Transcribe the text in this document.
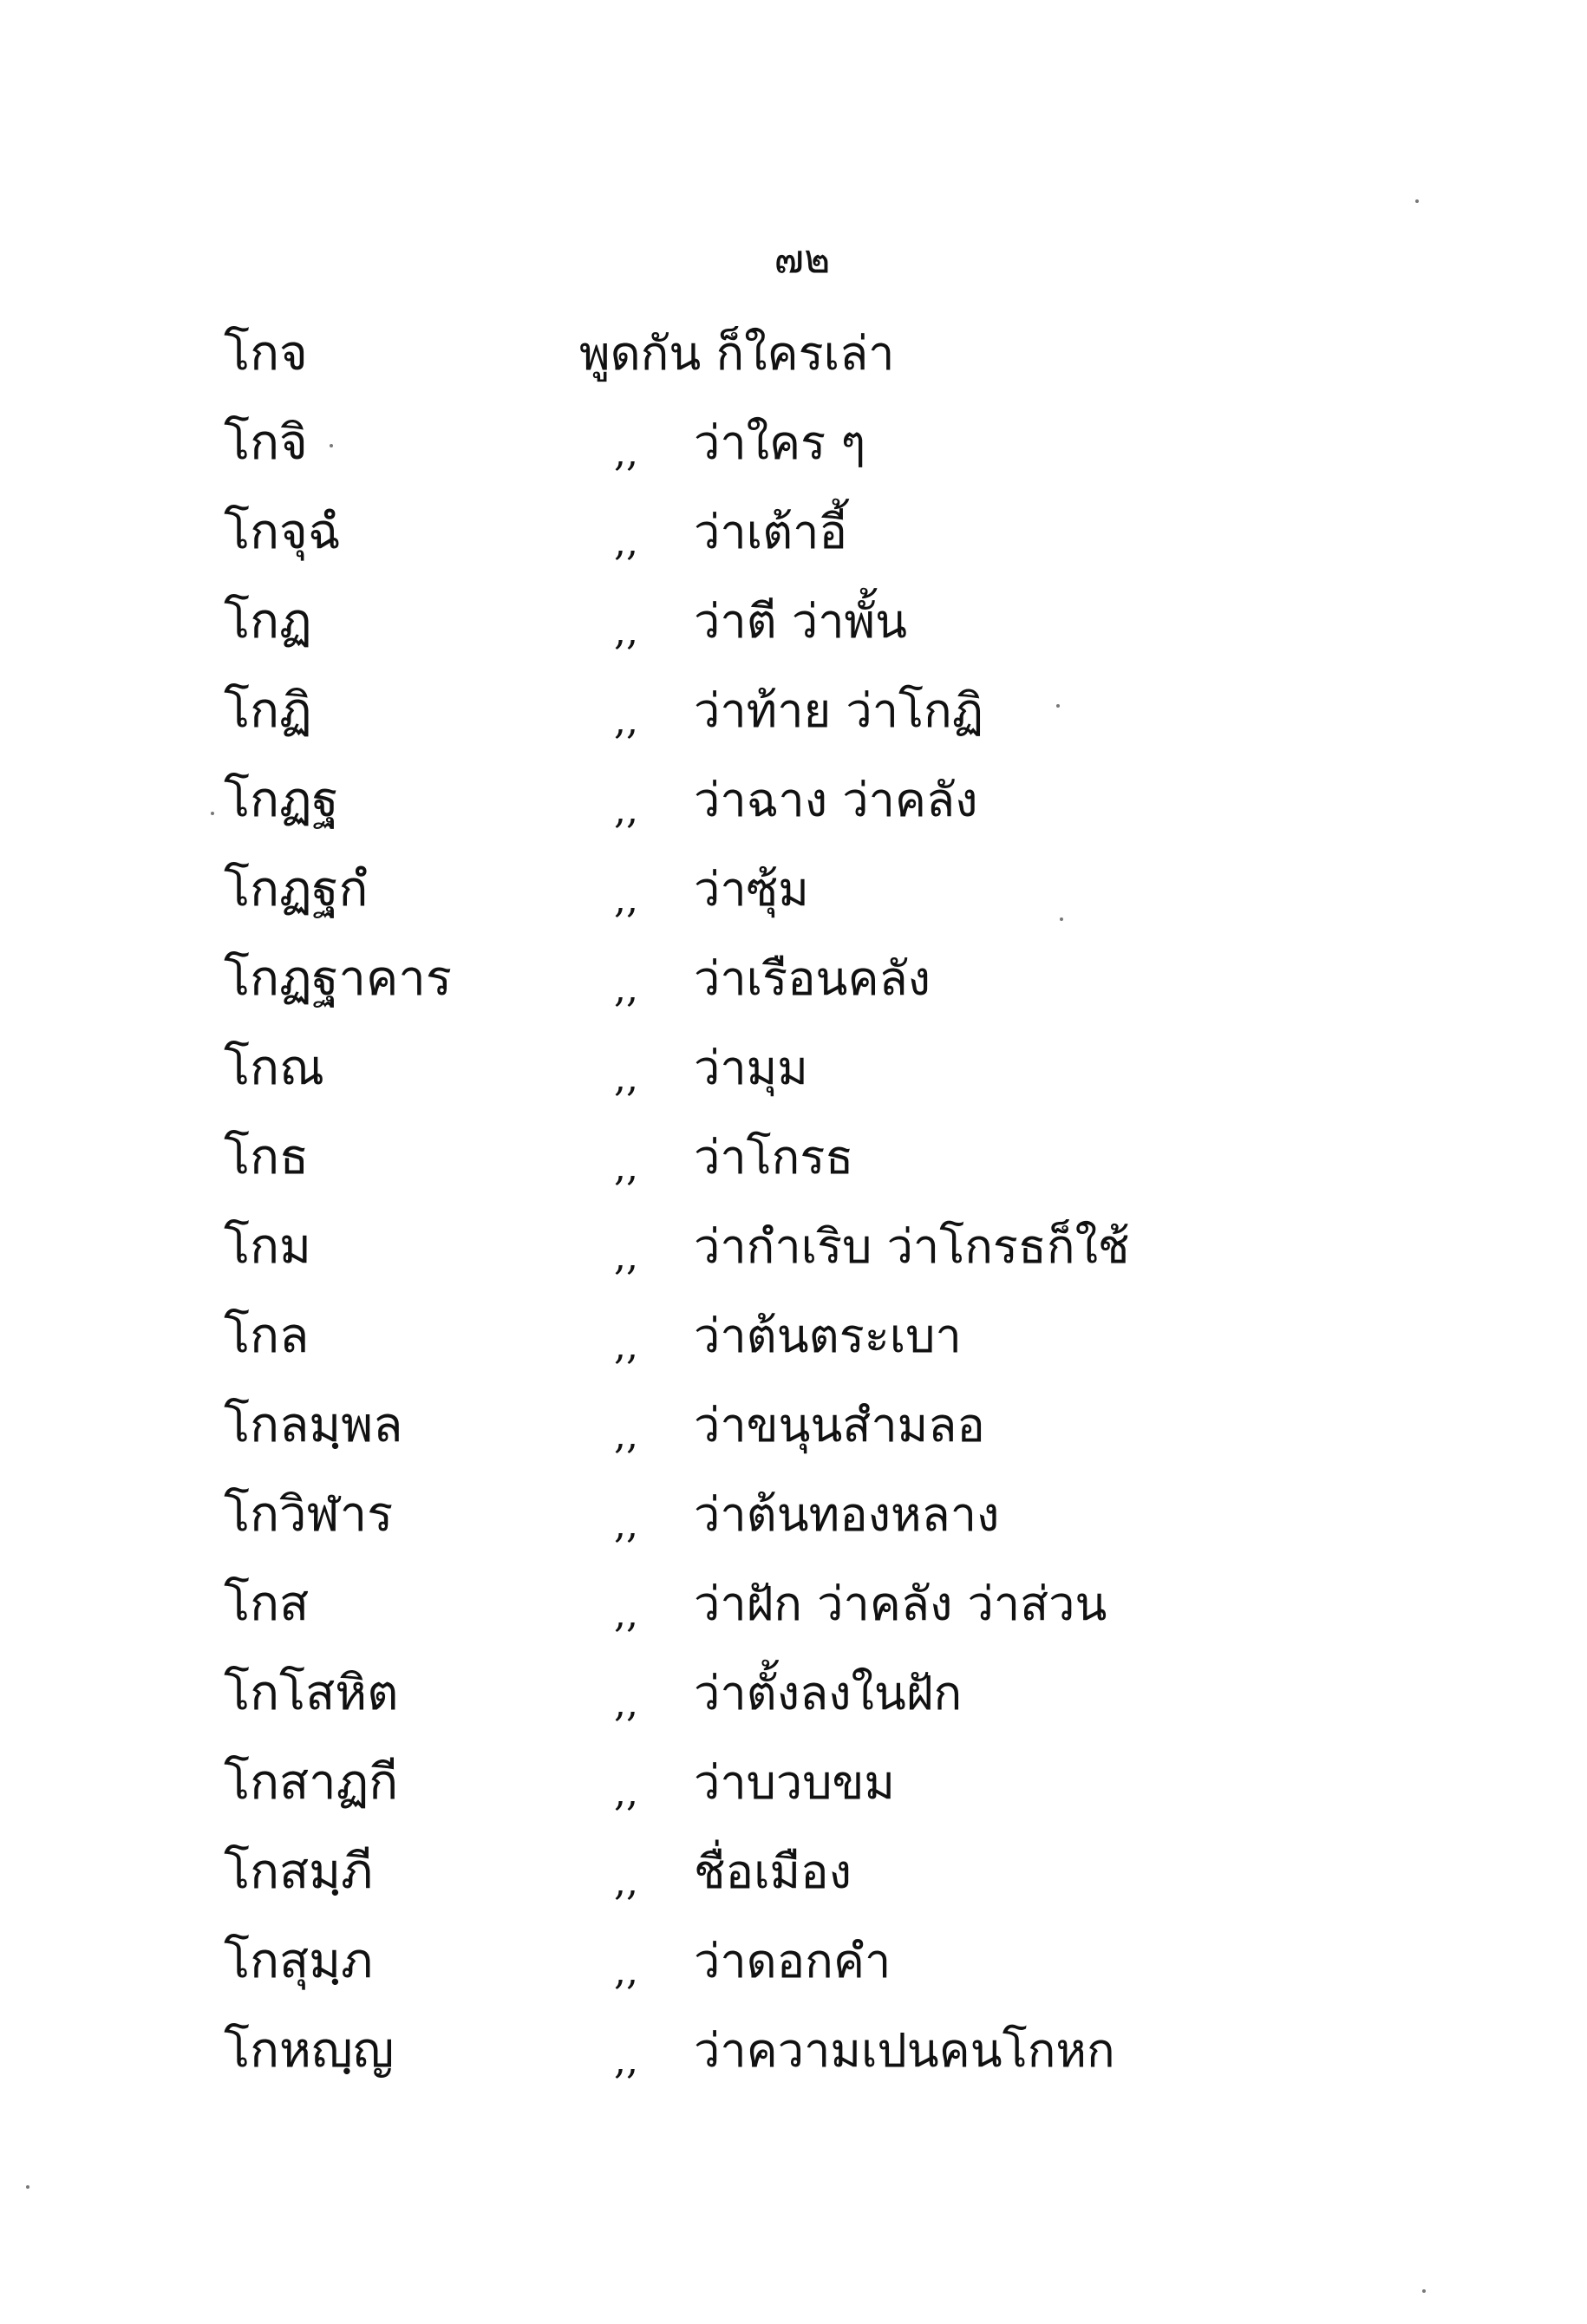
๗๒
โกจ	พูดกัน ก็ใครเล่า
โกจิ	,, ว่าใคร ๆ
โกจุฉํ	,, ว่าเต้าอี้
โกฏ	,, ว่าตี ว่าพั้น
โกฏิ	,, ว่าท้าย ว่าโกฏิ
โกฏฐ	,, ว่าฉาง ว่าคลัง
โกฏฐกํ	,, ว่าซุ้ม
โกฏฐาคาร	,, ว่าเรือนคลัง
โกณ	,, ว่ามุม
โกธ	,, ว่าโกรธ
โกม	,, ว่ากำเริบ ว่าโกรธก็ใช้
โกล	,, ว่าต้นตระเบา
โกลมฺพล	,, ว่าขนุนสำมลอ
โกวิฬาร	,, ว่าต้นทองหลาง
โกส	,, ว่าฝัก ว่าคลัง ว่าส่วน
โกโสหิต	,, ว่าตั้งลงในฝัก
โกสาฏกี	,, ว่าบวบขม
โกสมฺภี	,, ชื่อเมือง
โกสุมฺภ	,, ว่าดอกคำ
โกหญฺญ	,, ว่าความเปนคนโกหก
